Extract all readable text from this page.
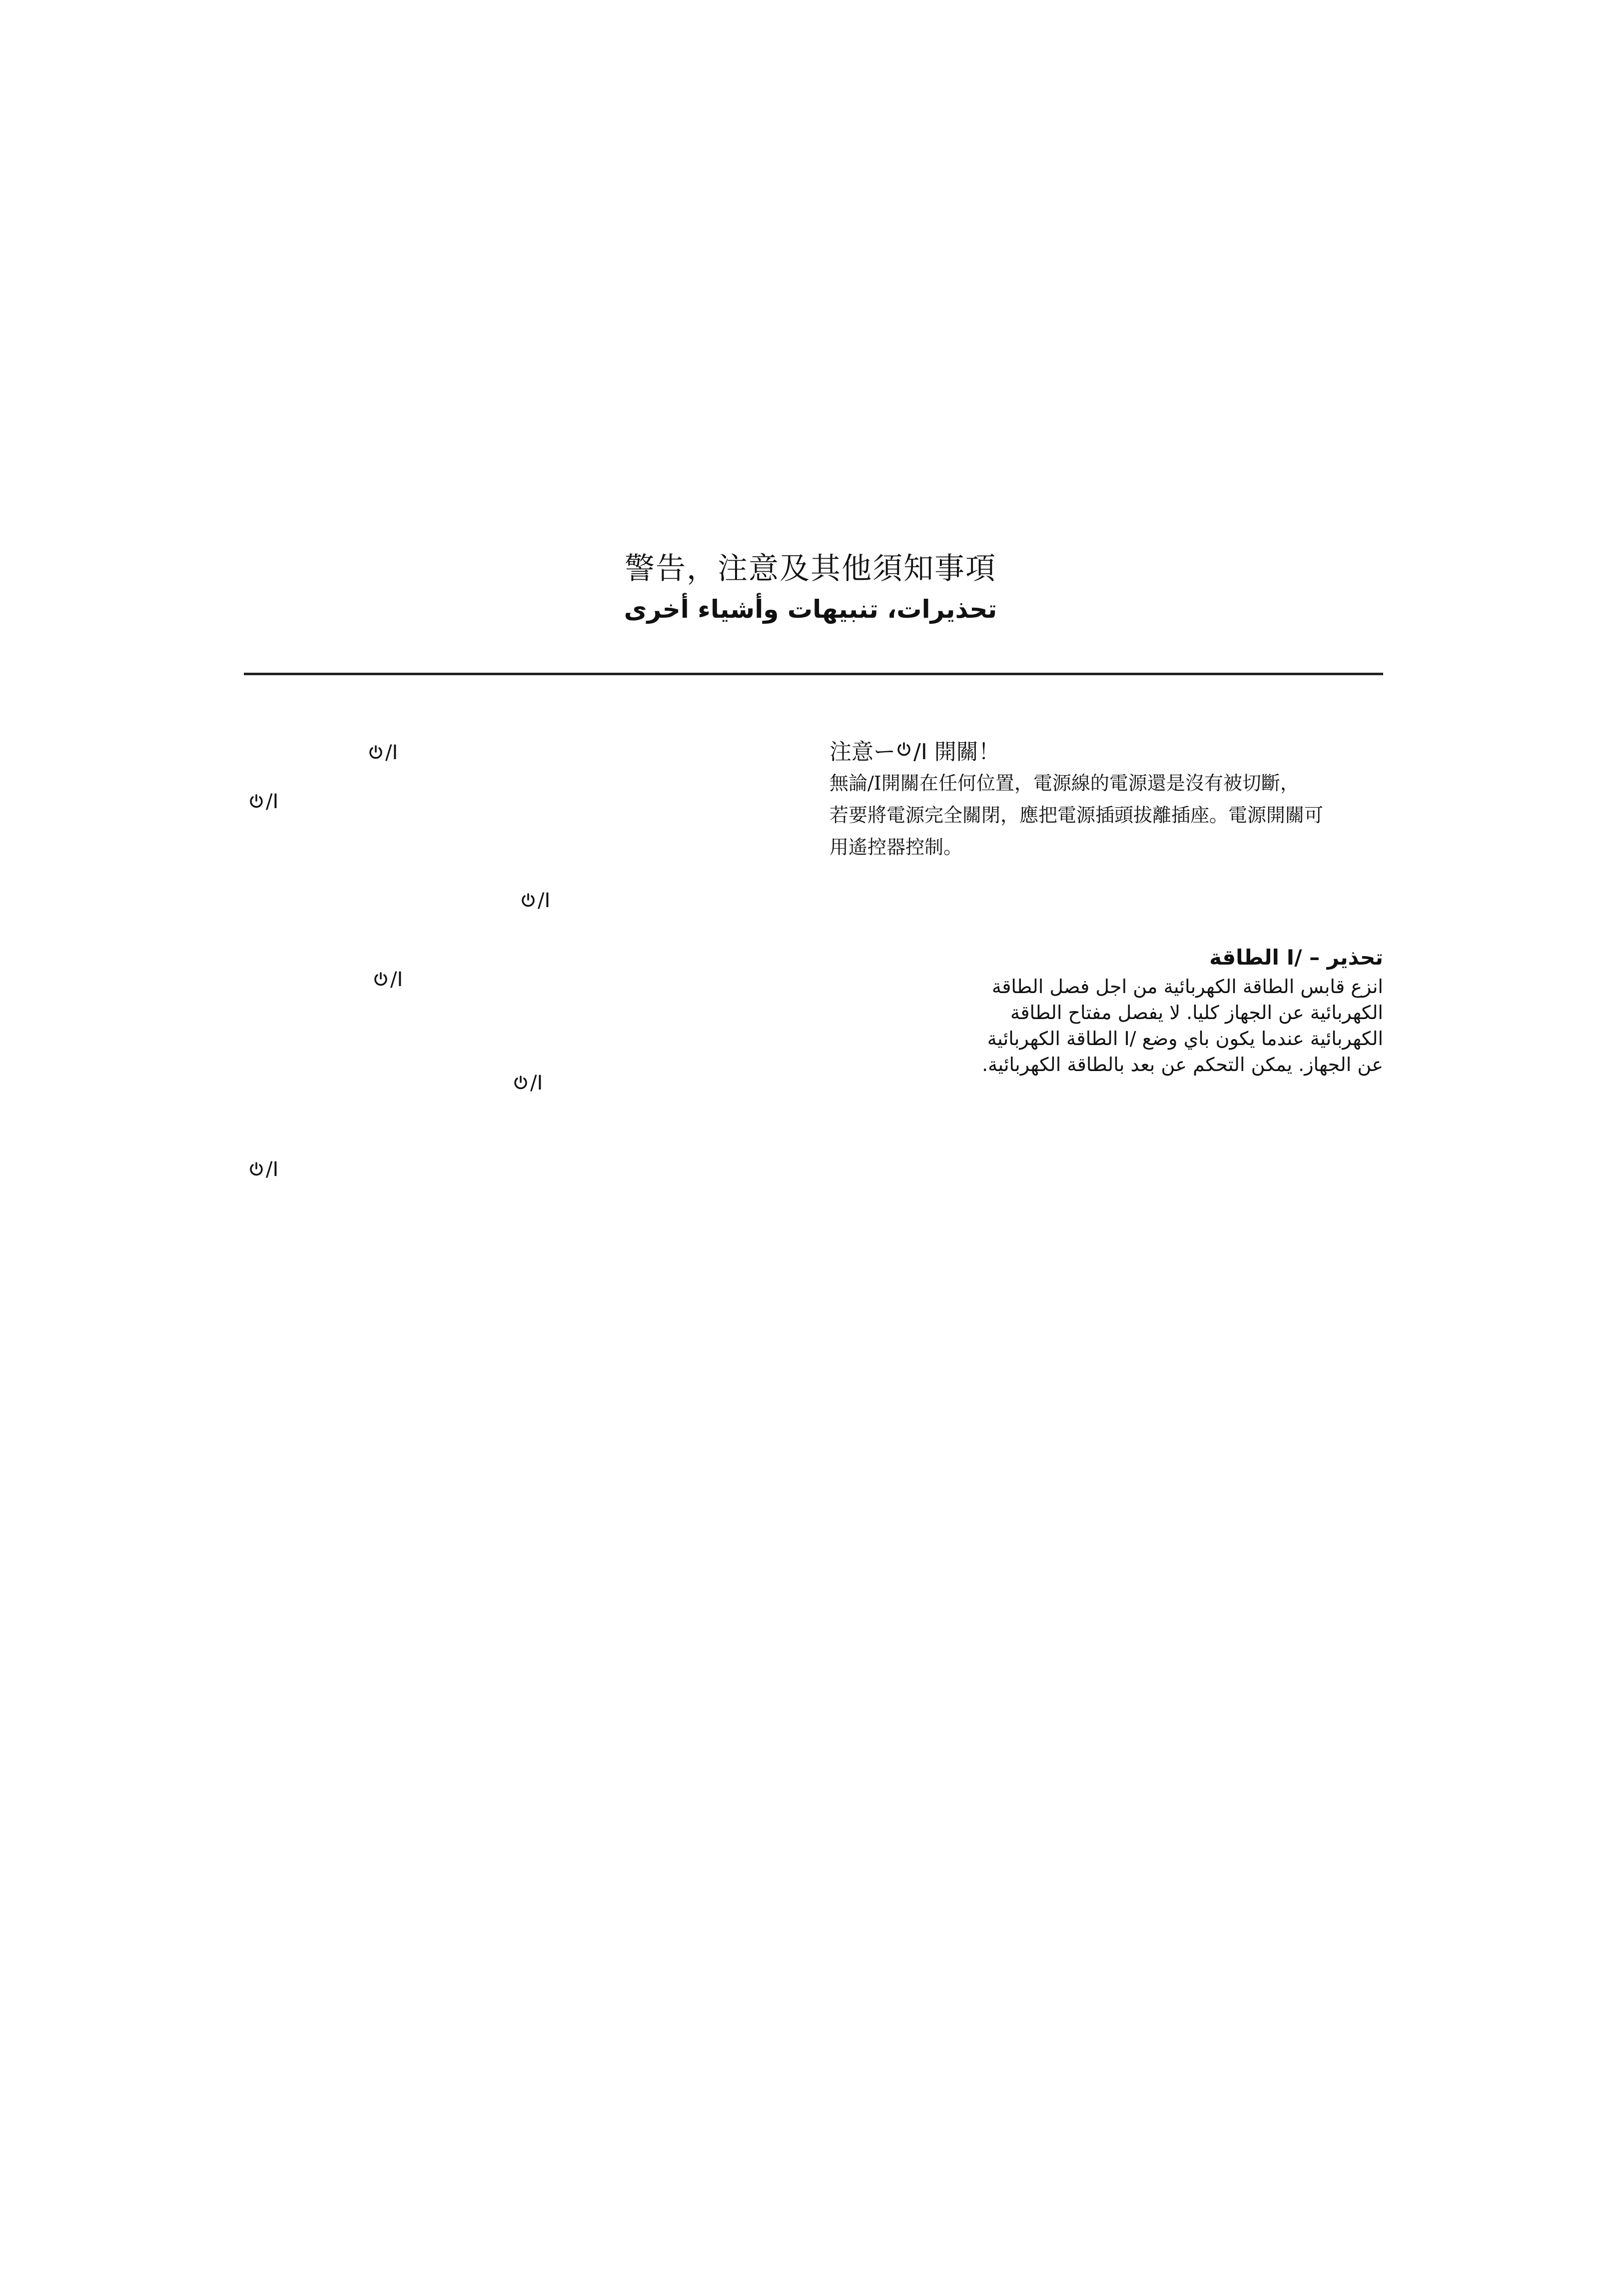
警告，注意及其他須知事項
تحذيرات، تنبيهات وأشياء أخرى
/I
/I
/I
/I
/I
/I
注意ー /I 開關！

無論/I開關在任何位置，電源線的電源還是沒有被切斷，

若要將電源完全關閉，應把電源插頭拔離插座。電源開關可

用遙控器控制。

تحذير – /I الطاقة

انزع قابس الطاقة الكهربائية من اجل فصل الطاقة

الكهربائية عن الجهاز كليا. لا يفصل مفتاح الطاقة

الكهربائية عندما يكون باي وضع /I الطاقة الكهربائية

عن الجهاز. يمكن التحكم عن بعد بالطاقة الكهربائية.
